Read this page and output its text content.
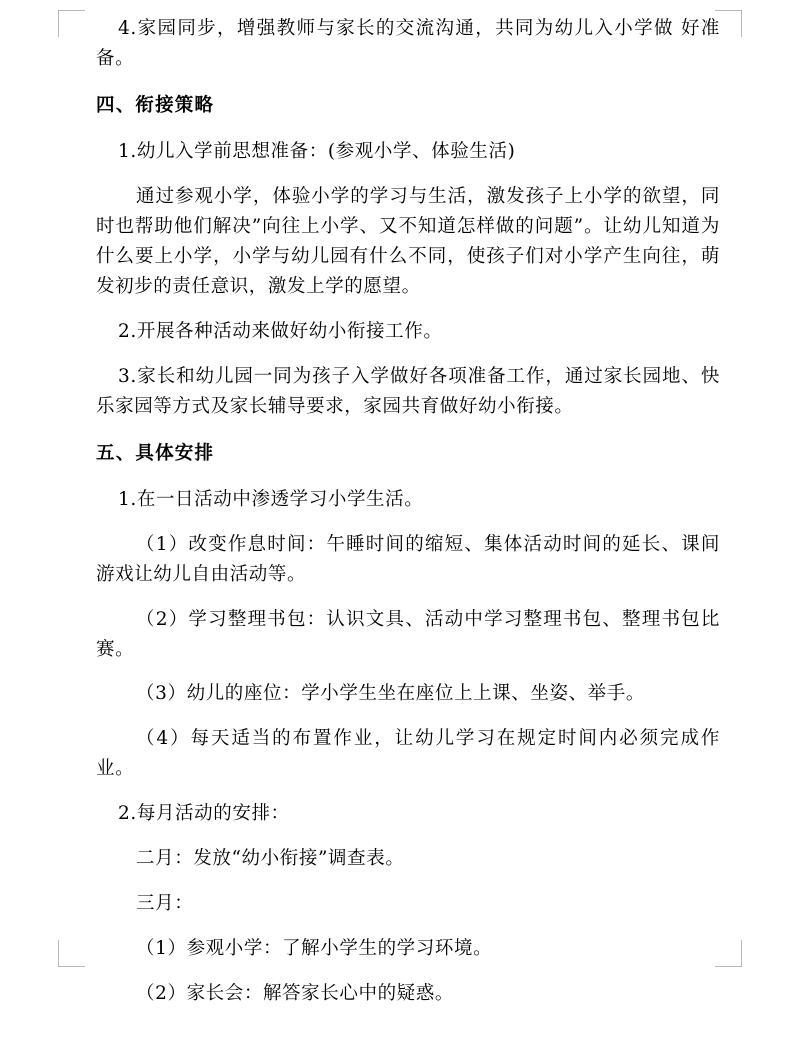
4.家园同步，增强教师与家长的交流沟通，共同为幼儿入小学做 好准备。

四、衔接策略

1.幼儿入学前思想准备：(参观小学、体验生活)

通过参观小学，体验小学的学习与生活，激发孩子上小学的欲望，同时也帮助他们解决”向往上小学、又不知道怎样做的问题”。让幼儿知道为什么要上小学，小学与幼儿园有什么不同，使孩子们对小学产生向往，萌发初步的责任意识，激发上学的愿望。

2.开展各种活动来做好幼小衔接工作。

3.家长和幼儿园一同为孩子入学做好各项准备工作，通过家长园地、快乐家园等方式及家长辅导要求，家园共育做好幼小衔接。

五、具体安排

1.在一日活动中渗透学习小学生活。

（1）改变作息时间：午睡时间的缩短、集体活动时间的延长、课间游戏让幼儿自由活动等。

（2）学习整理书包：认识文具、活动中学习整理书包、整理书包比赛。

（3）幼儿的座位：学小学生坐在座位上上课、坐姿、举手。

（4）每天适当的布置作业，让幼儿学习在规定时间内必须完成作业。

2.每月活动的安排：

二月：发放“幼小衔接”调查表。

三月：

（1）参观小学：了解小学生的学习环境。

（2）家长会：解答家长心中的疑惑。
